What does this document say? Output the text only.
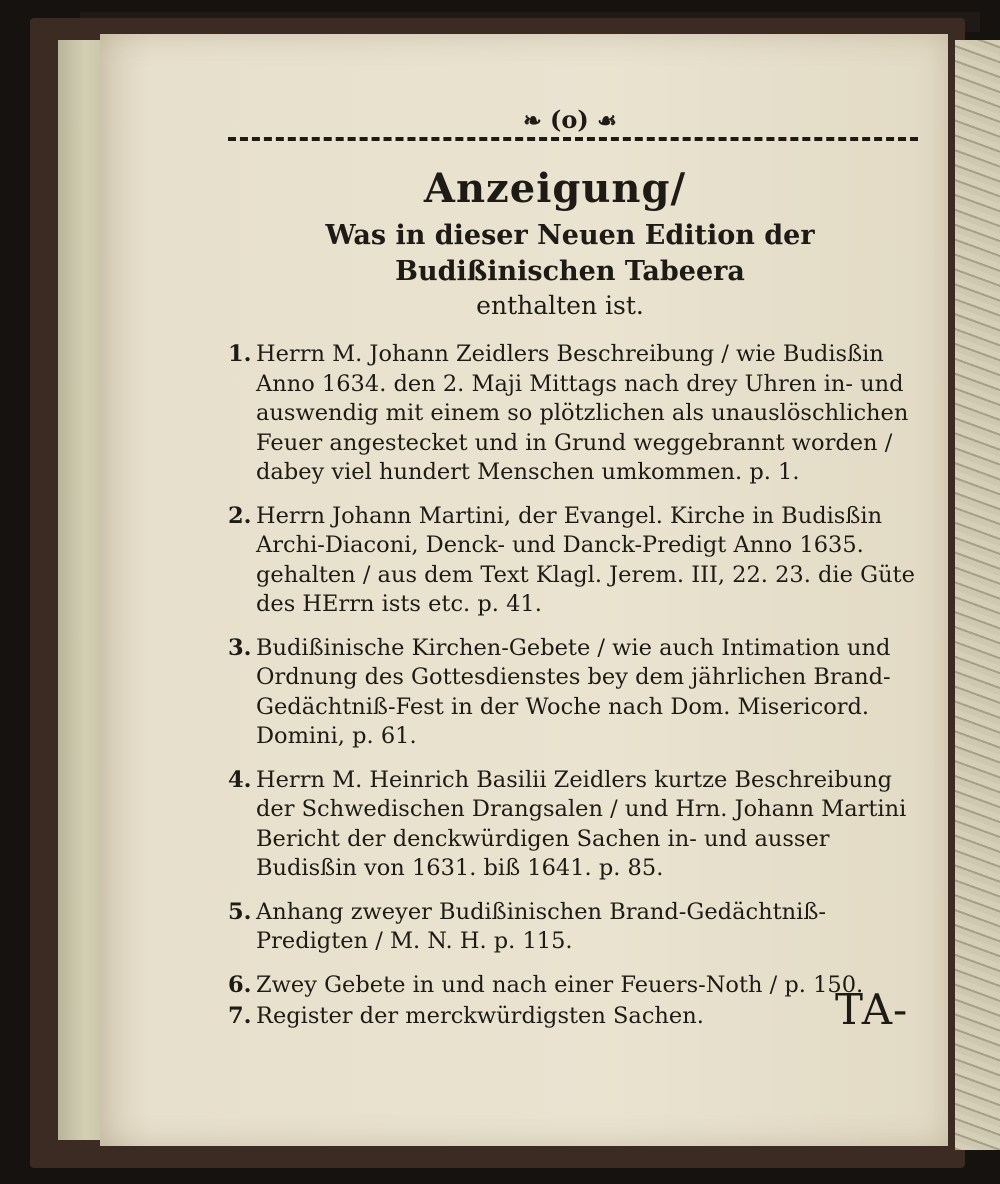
❧ (o) ☙
Anzeigung/
Was in dieser Neuen Edition der Budißinischen Tabeera
enthalten ist.
1. Herrn M. Johann Zeidlers Beschreibung / wie Budisßin Anno 1634. den 2. Maji Mittags nach drey Uhren in- und auswendig mit einem so plötzlichen als unauslöschlichen Feuer angestecket und in Grund weggebrannt worden / dabey viel hundert Menschen umkommen. p. 1.
2. Herrn Johann Martini, der Evangel. Kirche in Budisßin Archi-Diaconi, Denck- und Danck-Predigt Anno 1635. gehalten / aus dem Text Klagl. Jerem. III, 22. 23. die Güte des HErrn ists etc. p. 41.
3. Budißinische Kirchen-Gebete / wie auch Intimation und Ordnung des Gottesdienstes bey dem jährlichen Brand-Gedächtniß-Fest in der Woche nach Dom. Misericord. Domini, p. 61.
4. Herrn M. Heinrich Basilii Zeidlers kurtze Beschreibung der Schwedischen Drangsalen / und Hrn. Johann Martini Bericht der denckwürdigen Sachen in- und ausser Budisßin von 1631. biß 1641. p. 85.
5. Anhang zweyer Budißinischen Brand-Gedächtniß-Predigten / M. N. H. p. 115.
6. Zwey Gebete in und nach einer Feuers-Noth / p. 150.
7. Register der merckwürdigsten Sachen.	TA-
